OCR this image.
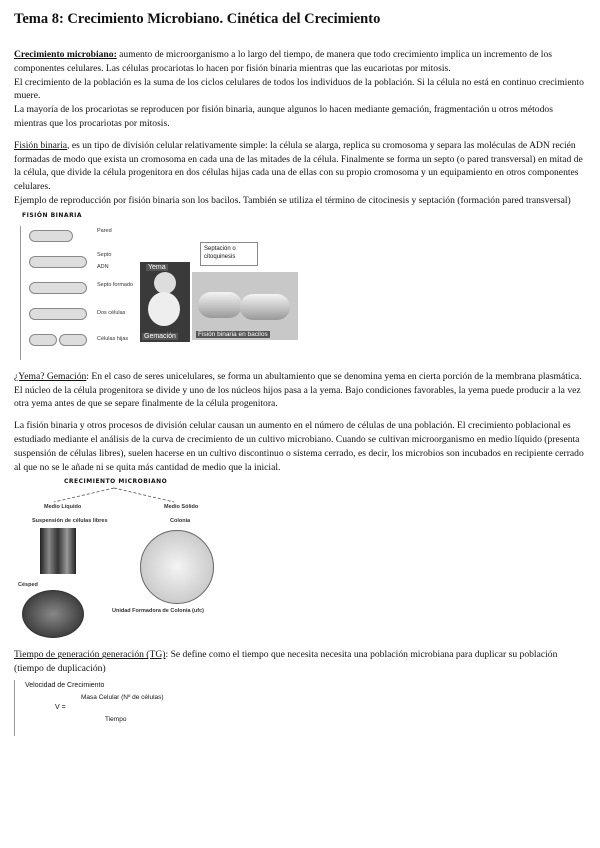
Tema 8: Crecimiento Microbiano. Cinética del Crecimiento

Crecimiento microbiano: aumento de microorganismo a lo largo del tiempo, de manera que todo crecimiento implica un incremento de los componentes celulares. Las células procariotas lo hacen por fisión binaria mientras que las eucariotas por mitosis.

El crecimiento de la población es la suma de los ciclos celulares de todos los individuos de la población. Si la célula no está en continuo crecimiento muere.

La mayoría de los procariotas se reproducen por fisión binaria, aunque algunos lo hacen mediante gemación, fragmentación u otros métodos mientras que los procariotas por mitosis.

Fisión binaria, es un tipo de división celular relativamente simple: la célula se alarga, replica su cromosoma y separa las moléculas de ADN recién formadas de modo que exista un cromosoma en cada una de las mitades de la célula. Finalmente se forma un septo (o pared transversal) en mitad de la célula, que divide la célula progenitora en dos células hijas cada una de ellas con su propio cromosoma y un equipamiento en otros componentes celulares.

Ejemplo de reproducción por fisión binaria son los bacilos. También se utiliza el término de citocinesis y septación (formación pared transversal)

FISIÓN BINARIA
Pared
Septo
ADN
Septo formado
Dos células
Células hijas
Yema
Gemación	Fisión binaria en bacilos
Septación o citoquinesis

¿Yema? Gemación: En el caso de seres unicelulares, se forma un abultamiento que se denomina yema en cierta porción de la membrana plasmática. El núcleo de la célula progenitora se divide y uno de los núcleos hijos pasa a la yema. Bajo condiciones favorables, la yema puede producir a la vez otra yema antes de que se separe finalmente de la célula progenitora.

La fisión binaria y otros procesos de división celular causan un aumento en el número de células de una población. El crecimiento poblacional es estudiado mediante el análisis de la curva de crecimiento de un cultivo microbiano. Cuando se cultivan microorganismo en medio líquido (presenta suspensión de células libres), suelen hacerse en un cultivo discontinuo o sistema cerrado, es decir, los microbios son incubados en recipiente cerrado al que no se le añade ni se quita más cantidad de medio que la inicial.

CRECIMIENTO MICROBIANO
Medio Líquido	Medio Sólido
Suspensión de células libres	Colonia
Césped
Unidad Formadora de Colonia (ufc)

Tiempo de generación generación (TG): Se define como el tiempo que necesita necesita una población microbiana para duplicar su población (tiempo de duplicación)

Velocidad de Crecimiento
V =
Masa Celular (Nº de células)
Tiempo
